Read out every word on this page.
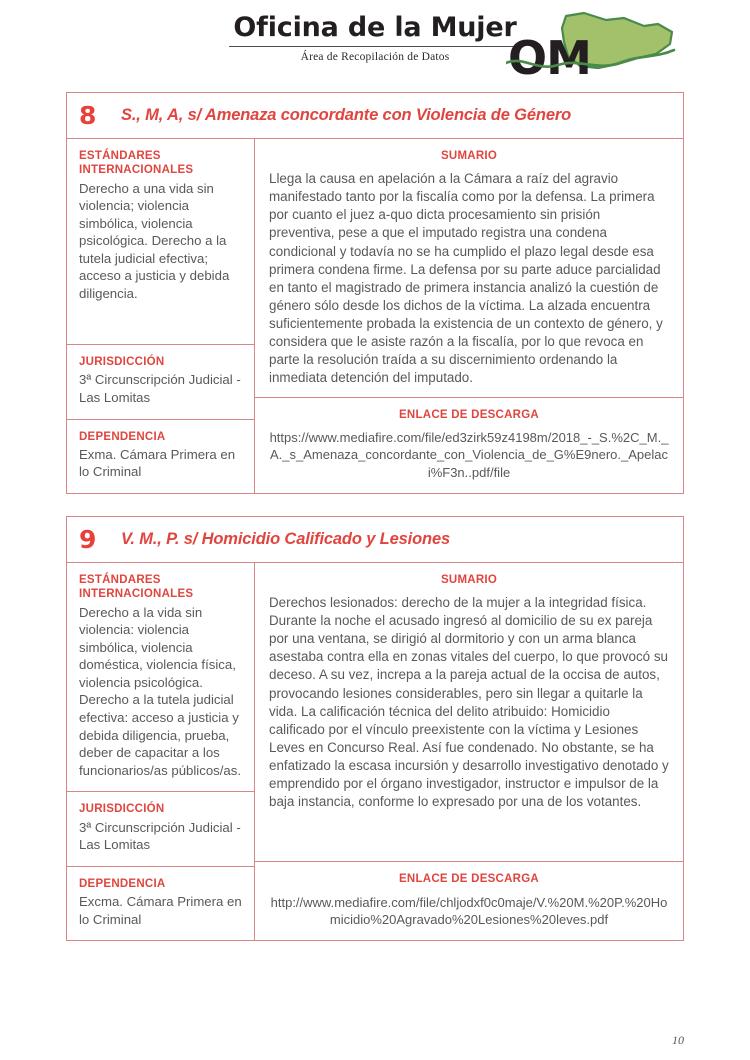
Oficina de la Mujer
Área de Recopilación de Datos	OM
8	S., M, A, s/ Amenaza concordante con Violencia de Género
ESTÁNDARES
INTERNACIONALES
Derecho a una vida sin violencia; violencia simbólica, violencia psicológica. Derecho a la tutela judicial efectiva; acceso a justicia y debida diligencia.
JURISDICCIÓN
3ª Circunscripción Judicial - Las Lomitas
DEPENDENCIA
Exma. Cámara Primera en lo Criminal
SUMARIO
Llega la causa en apelación a la Cámara a raíz del agravio manifestado tanto por la fiscalía como por la defensa. La primera por cuanto el juez a-quo dicta procesamiento sin prisión preventiva, pese a que el imputado registra una condena condicional y todavía no se ha cumplido el plazo legal desde esa primera condena firme. La defensa por su parte aduce parcialidad en tanto el magistrado de primera instancia analizó la cuestión de género sólo desde los dichos de la víctima. La alzada encuentra suficientemente probada la existencia de un contexto de género, y considera que le asiste razón a la fiscalía, por lo que revoca en parte la resolución traída a su discernimiento ordenando la inmediata detención del imputado.
ENLACE DE DESCARGA
https://www.mediafire.com/file/ed3zirk59z4198m/2018_-_S.%2C_M._A._s_Amenaza_concordante_con_Violencia_de_G%E9nero._Apelaci%F3n..pdf/file
9	V. M., P. s/ Homicidio Calificado y Lesiones
ESTÁNDARES
INTERNACIONALES
Derecho a la vida sin violencia: violencia simbólica, violencia doméstica, violencia física, violencia psicológica. Derecho a la tutela judicial efectiva: acceso a justicia y debida diligencia, prueba, deber de capacitar a los funcionarios/as públicos/as.
JURISDICCIÓN
3ª Circunscripción Judicial - Las Lomitas
DEPENDENCIA
Excma. Cámara Primera en lo Criminal
SUMARIO
Derechos lesionados: derecho de la mujer a la integridad física. Durante la noche el acusado ingresó al domicilio de su ex pareja por una ventana, se dirigió al dormitorio y con un arma blanca asestaba contra ella en zonas vitales del cuerpo, lo que provocó su deceso. A su vez, increpa a la pareja actual de la occisa de autos, provocando lesiones considerables, pero sin llegar a quitarle la vida. La calificación técnica del delito atribuido: Homicidio calificado por el vínculo preexistente con la víctima y Lesiones Leves en Concurso Real. Así fue condenado. No obstante, se ha enfatizado la escasa incursión y desarrollo investigativo denotado y emprendido por el órgano investigador, instructor e impulsor de la baja instancia, conforme lo expresado por una de los votantes.
ENLACE DE DESCARGA
http://www.mediafire.com/file/chljodxf0c0maje/V.%20M.%20P.%20Homicidio%20Agravado%20Lesiones%20leves.pdf
10
